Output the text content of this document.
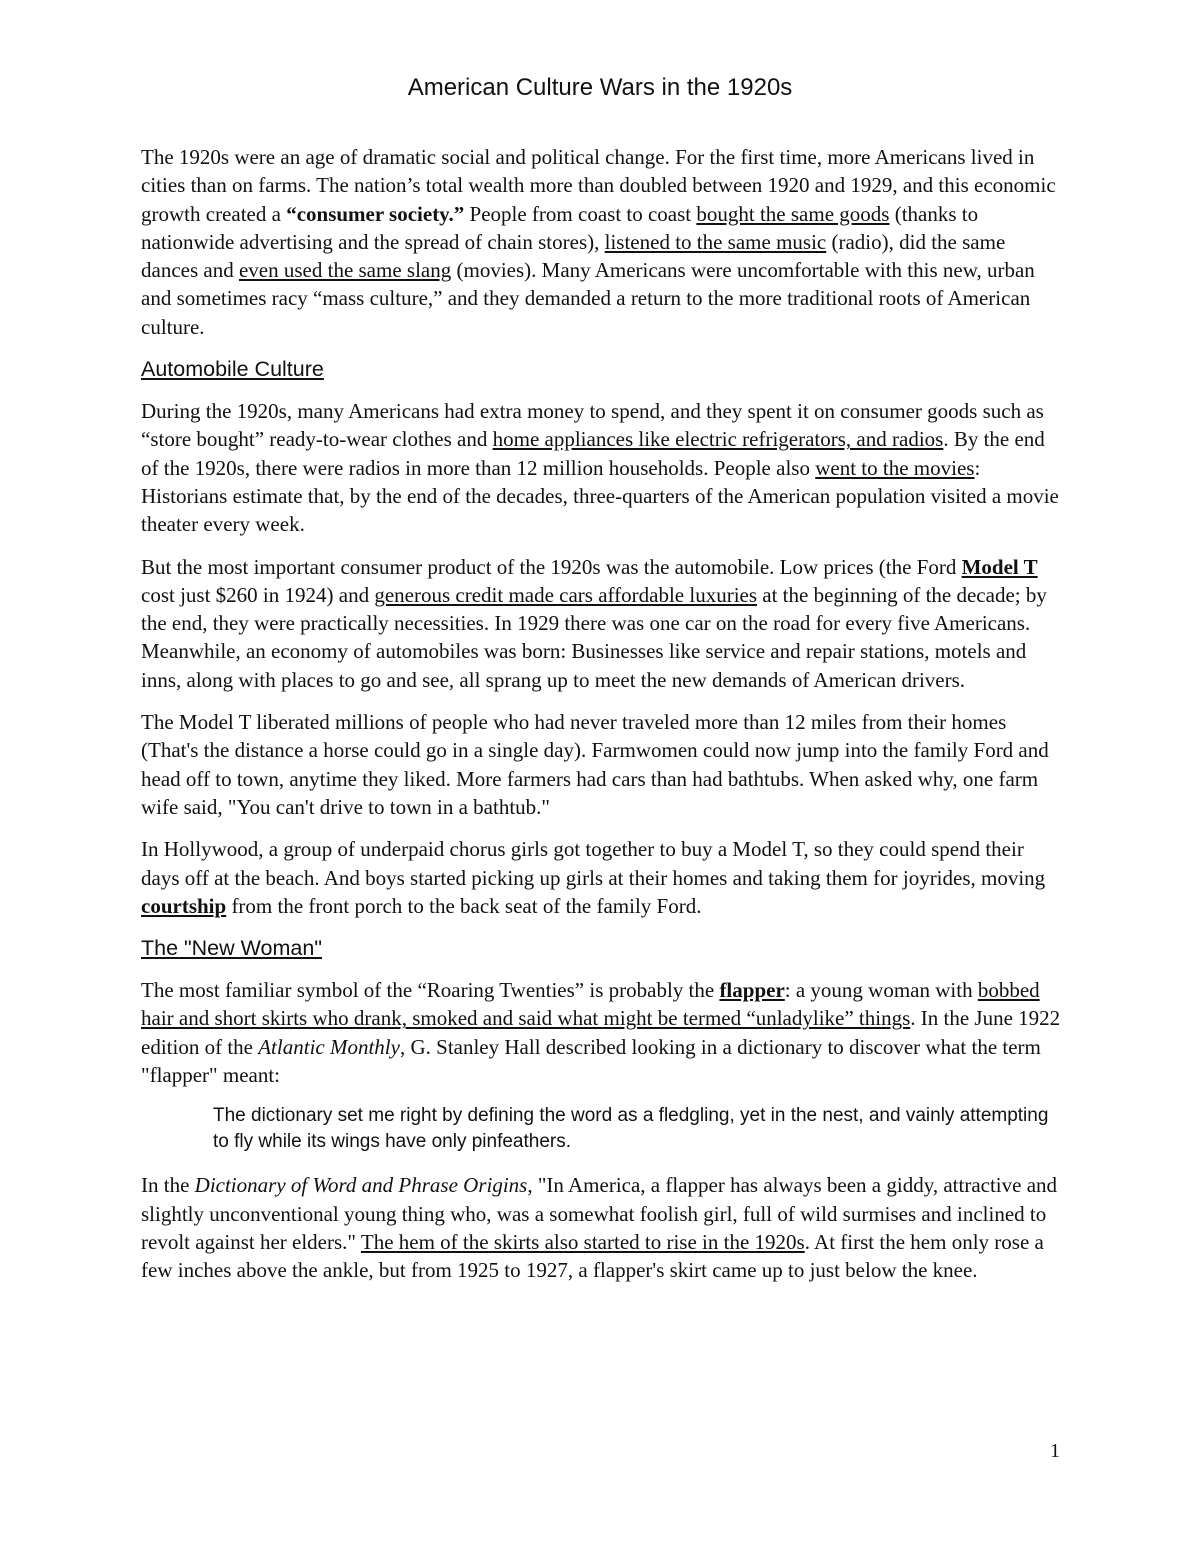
American Culture Wars in the 1920s

The 1920s were an age of dramatic social and political change. For the first time, more Americans lived in cities than on farms. The nation’s total wealth more than doubled between 1920 and 1929, and this economic growth created a “consumer society.” People from coast to coast bought the same goods (thanks to nationwide advertising and the spread of chain stores), listened to the same music (radio), did the same dances and even used the same slang (movies). Many Americans were uncomfortable with this new, urban and sometimes racy “mass culture,” and they demanded a return to the more traditional roots of American culture.

Automobile Culture

During the 1920s, many Americans had extra money to spend, and they spent it on consumer goods such as “store bought” ready-to-wear clothes and home appliances like electric refrigerators, and radios. By the end of the 1920s, there were radios in more than 12 million households. People also went to the movies: Historians estimate that, by the end of the decades, three-quarters of the American population visited a movie theater every week.

But the most important consumer product of the 1920s was the automobile. Low prices (the Ford Model T cost just $260 in 1924) and generous credit made cars affordable luxuries at the beginning of the decade; by the end, they were practically necessities. In 1929 there was one car on the road for every five Americans. Meanwhile, an economy of automobiles was born: Businesses like service and repair stations, motels and inns, along with places to go and see, all sprang up to meet the new demands of American drivers.

The Model T liberated millions of people who had never traveled more than 12 miles from their homes (That's the distance a horse could go in a single day). Farmwomen could now jump into the family Ford and head off to town, anytime they liked. More farmers had cars than had bathtubs. When asked why, one farm wife said, "You can't drive to town in a bathtub."

In Hollywood, a group of underpaid chorus girls got together to buy a Model T, so they could spend their days off at the beach. And boys started picking up girls at their homes and taking them for joyrides, moving courtship from the front porch to the back seat of the family Ford.

The "New Woman"

The most familiar symbol of the “Roaring Twenties” is probably the flapper: a young woman with bobbed hair and short skirts who drank, smoked and said what might be termed “unladylike” things. In the June 1922 edition of the Atlantic Monthly, G. Stanley Hall described looking in a dictionary to discover what the term "flapper" meant:

The dictionary set me right by defining the word as a fledgling, yet in the nest, and vainly attempting to fly while its wings have only pinfeathers.

In the Dictionary of Word and Phrase Origins, "In America, a flapper has always been a giddy, attractive and slightly unconventional young thing who, was a somewhat foolish girl, full of wild surmises and inclined to revolt against her elders." The hem of the skirts also started to rise in the 1920s. At first the hem only rose a few inches above the ankle, but from 1925 to 1927, a flapper's skirt came up to just below the knee.

1
